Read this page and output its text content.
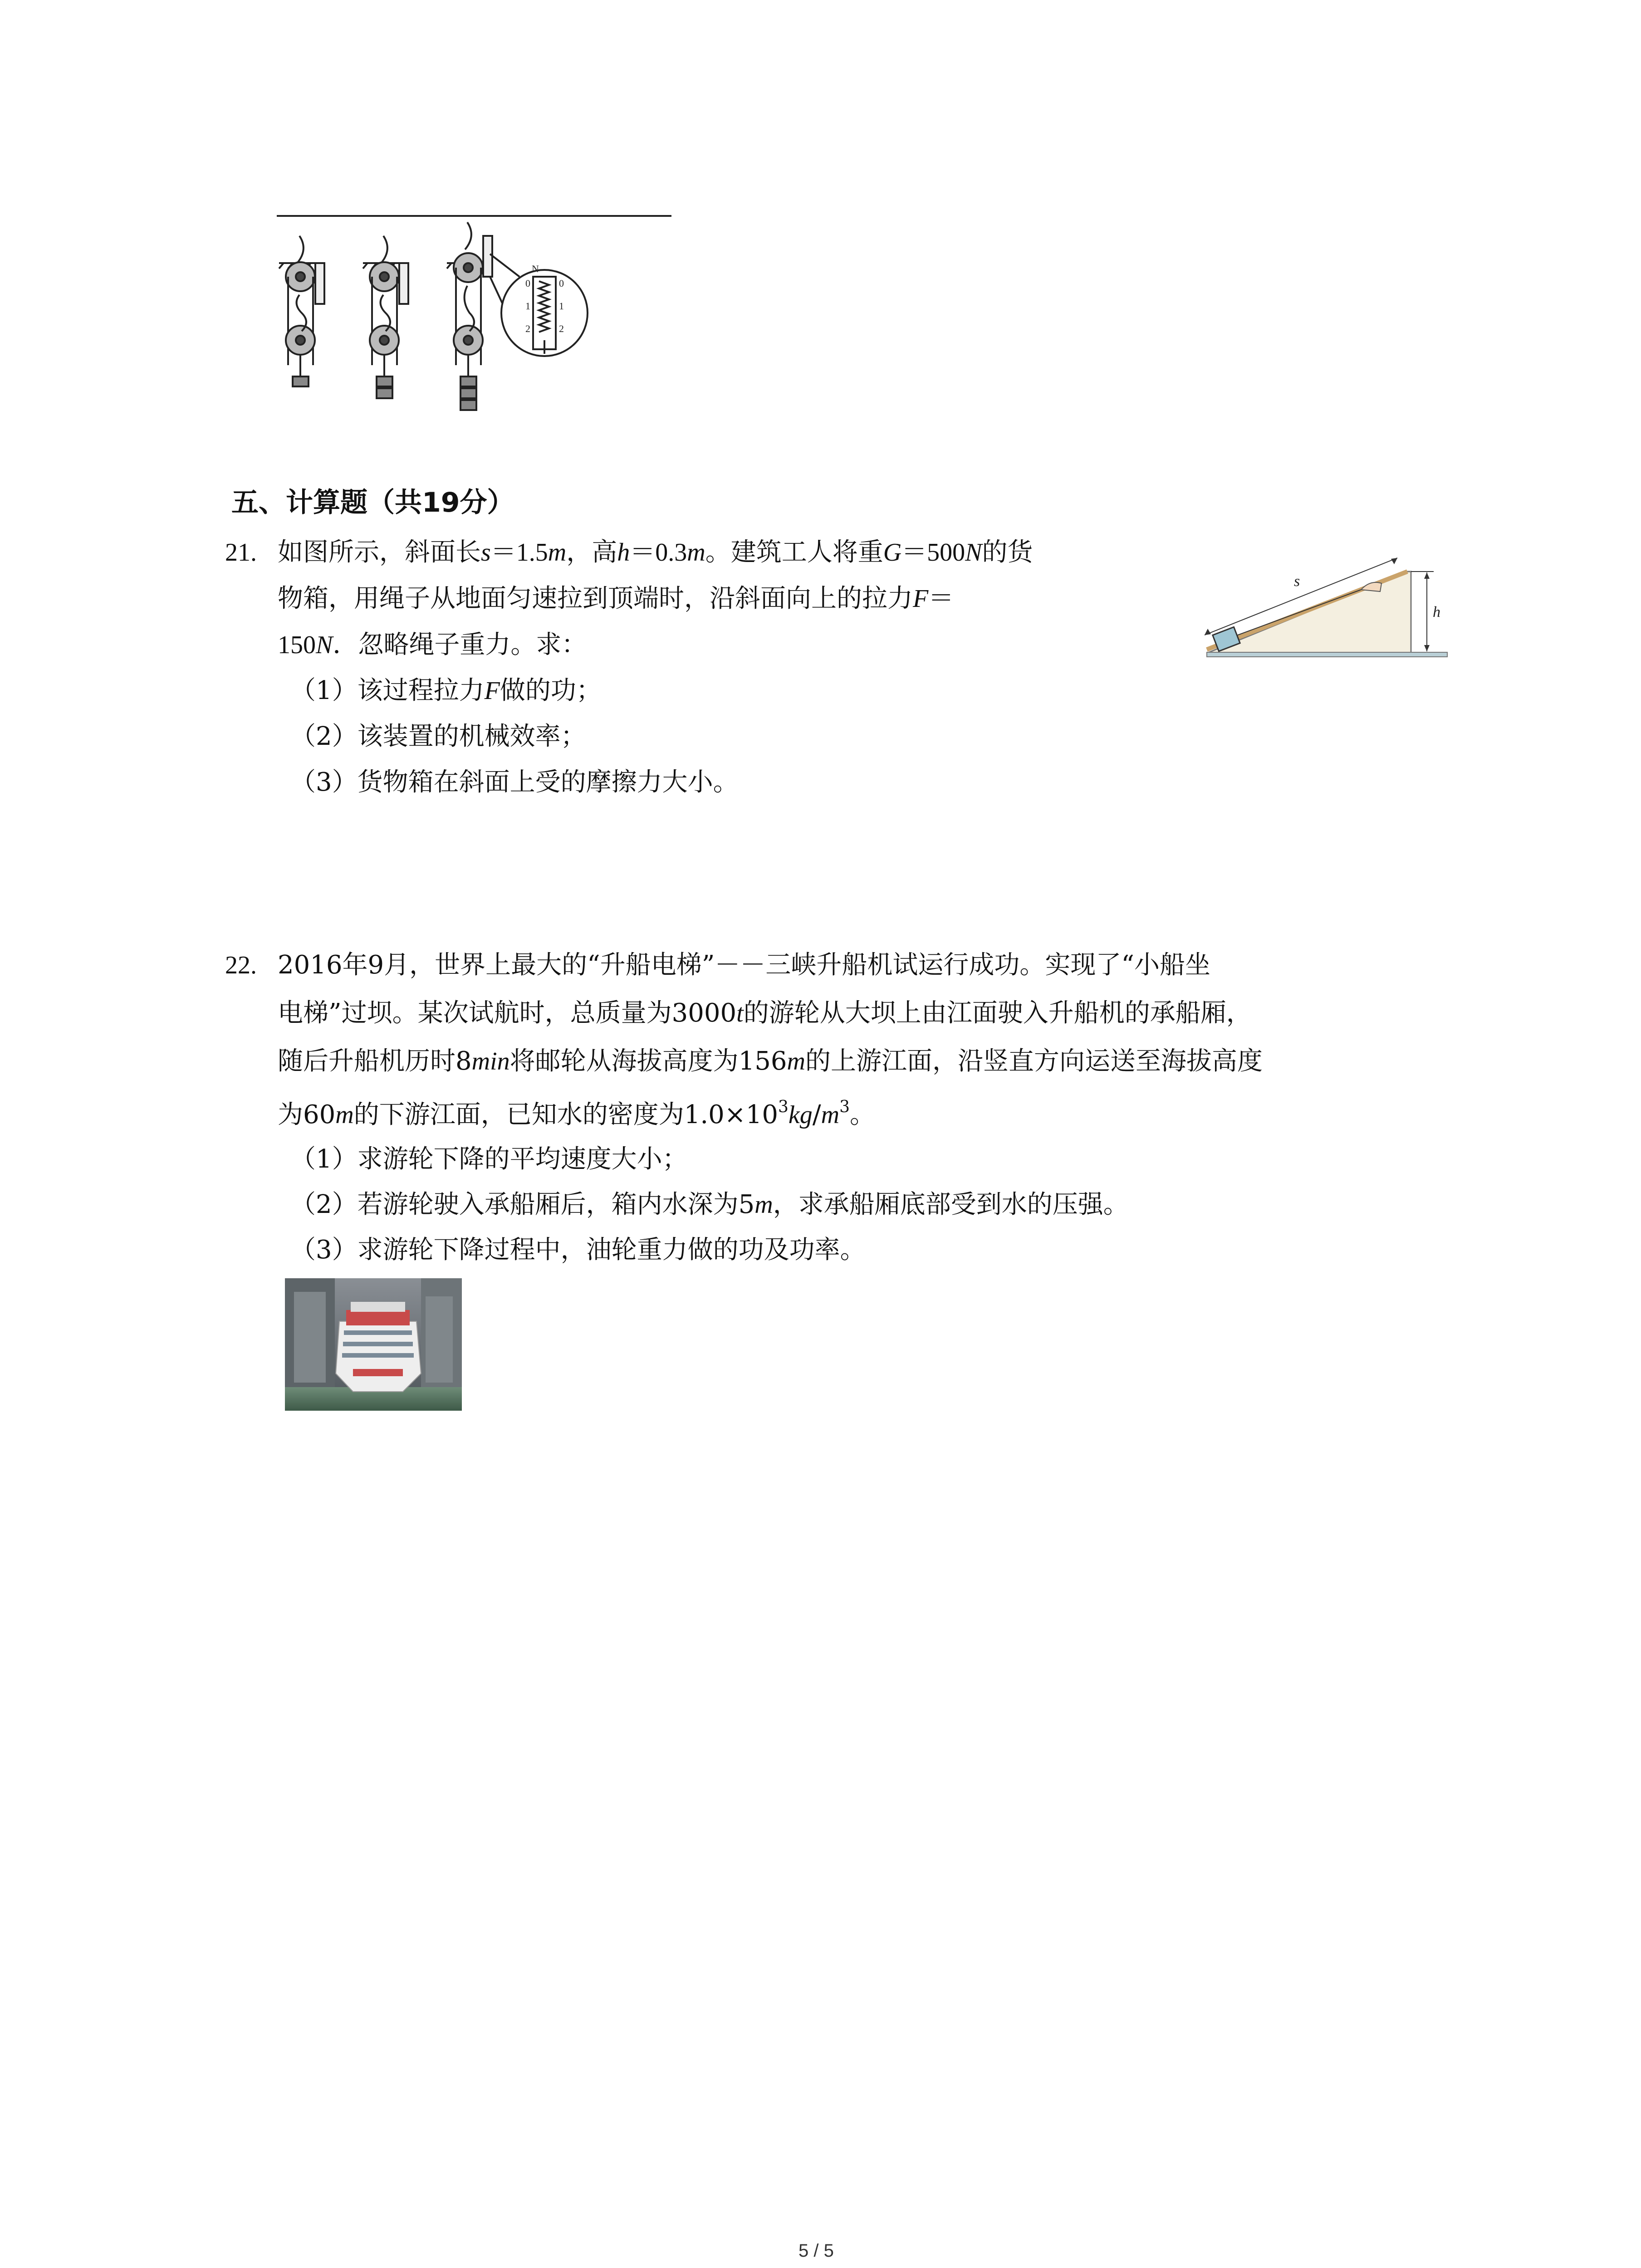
N
0
1
2
0
1
2
五、计算题（共19分）
21. 如图所示，斜面长s＝1.5m，高h＝0.3m。建筑工人将重G＝500N的货
物箱，用绳子从地面匀速拉到顶端时，沿斜面向上的拉力F＝
150N．忽略绳子重力。求：
（1）该过程拉力F做的功；
（2）该装置的机械效率；
（3）货物箱在斜面上受的摩擦力大小。
s
h
22. 2016年9月，世界上最大的“升船电梯”－－三峡升船机试运行成功。实现了“小船坐
电梯”过坝。某次试航时，总质量为3000t的游轮从大坝上由江面驶入升船机的承船厢，
随后升船机历时8min将邮轮从海拔高度为156m的上游江面，沿竖直方向运送至海拔高度
为60m的下游江面，已知水的密度为$1.0\times 10^3kg/m^3$。
（1）求游轮下降的平均速度大小；
（2）若游轮驶入承船厢后，箱内水深为5m，求承船厢底部受到水的压强。
（3）求游轮下降过程中，油轮重力做的功及功率。
5 / 5
